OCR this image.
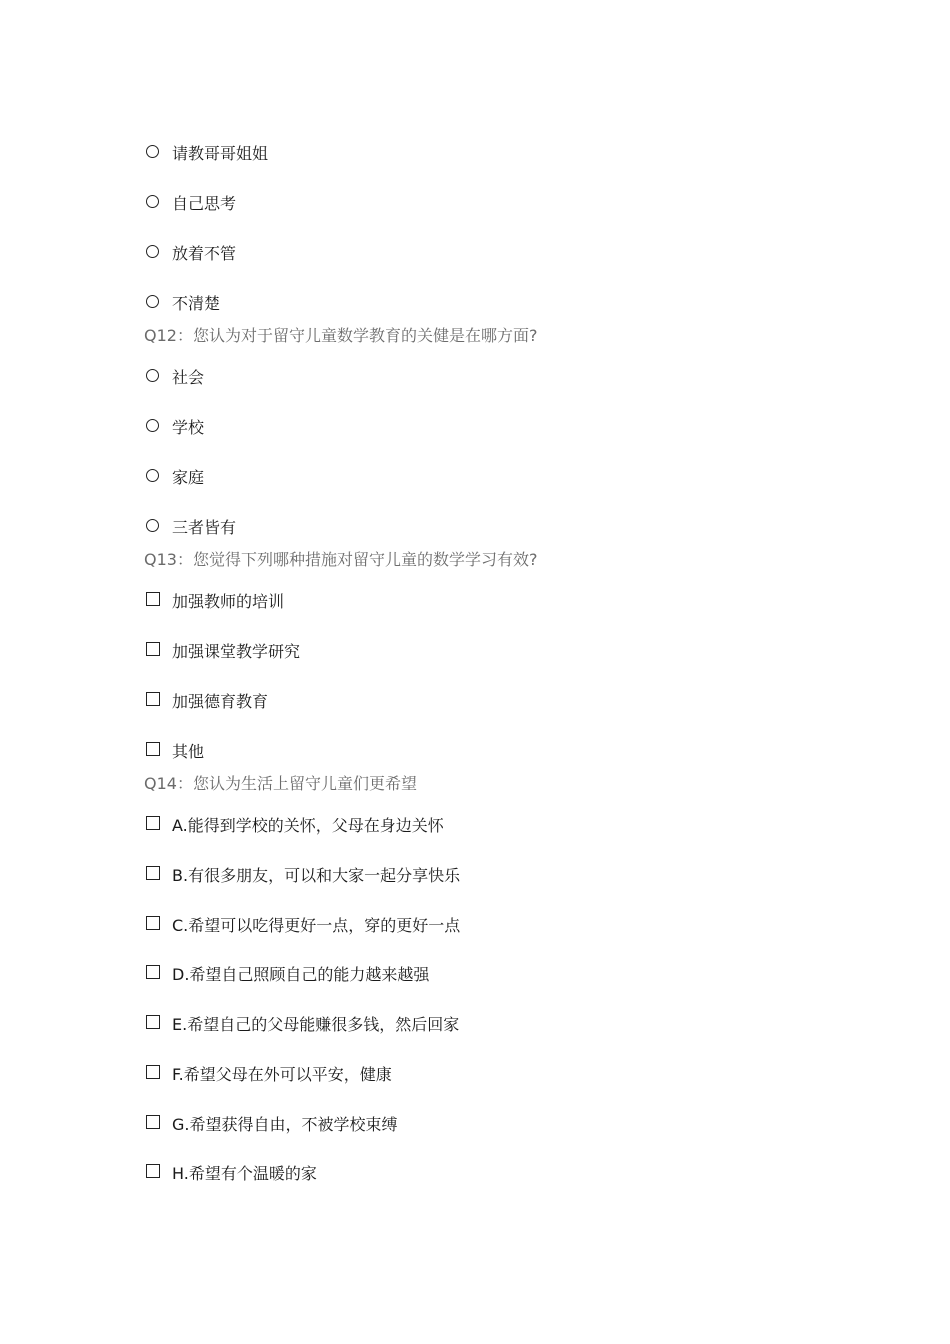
请教哥哥姐姐
自己思考
放着不管
不清楚
Q12：您认为对于留守儿童数学教育的关健是在哪方面?
社会
学校
家庭
三者皆有
Q13：您觉得下列哪种措施对留守儿童的数学学习有效?
加强教师的培训
加强课堂教学研究
加强德育教育
其他
Q14：您认为生活上留守儿童们更希望
A.能得到学校的关怀，父母在身边关怀
B.有很多朋友，可以和大家一起分享快乐
C.希望可以吃得更好一点，穿的更好一点
D.希望自己照顾自己的能力越来越强
E.希望自己的父母能赚很多钱，然后回家
F.希望父母在外可以平安，健康
G.希望获得自由，不被学校束缚
H.希望有个温暖的家
